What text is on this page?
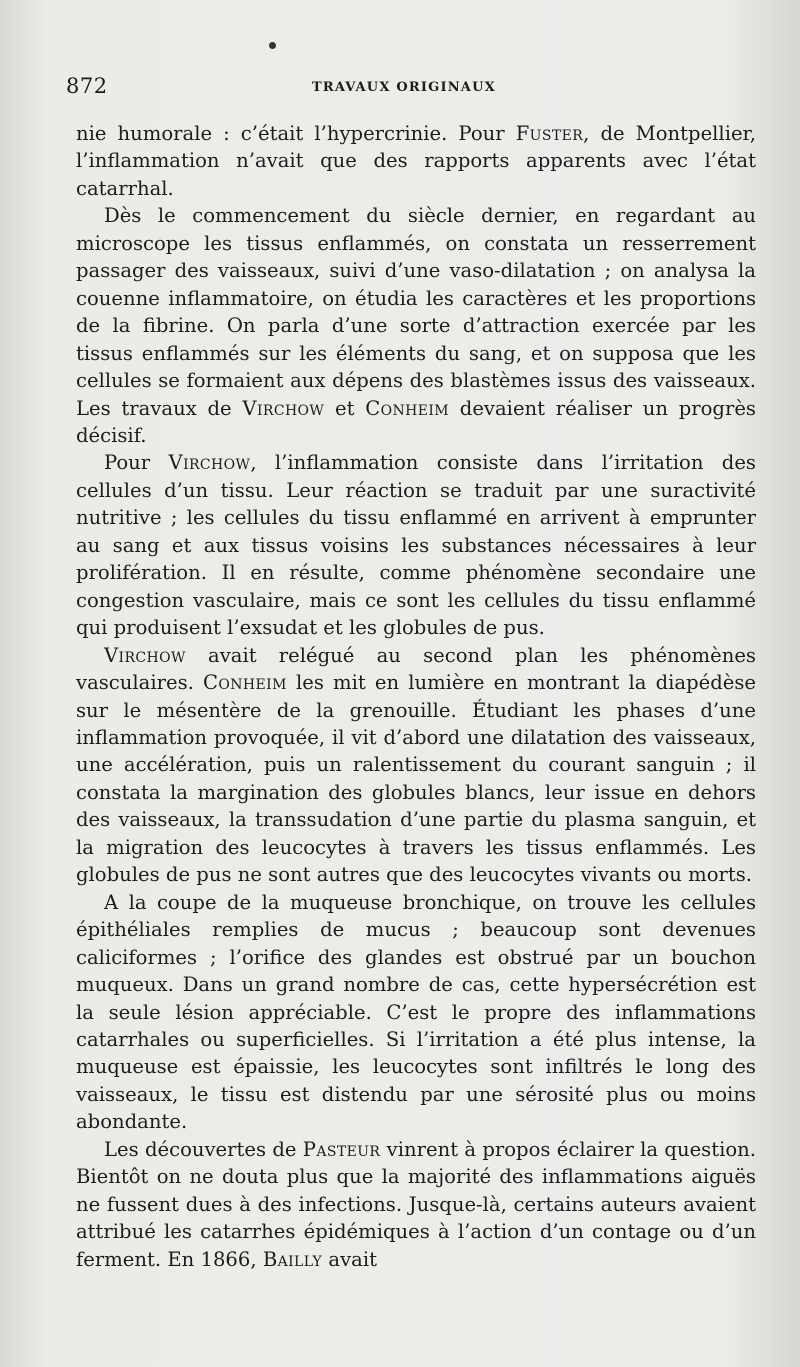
872	TRAVAUX ORIGINAUX

nie humorale : c’était l’hypercrinie. Pour Fuster, de Montpellier, l’inflammation n’avait que des rapports apparents avec l’état catarrhal.

Dès le commencement du siècle dernier, en regardant au microscope les tissus enflammés, on constata un resserrement passager des vaisseaux, suivi d’une vaso-dilatation ; on analysa la couenne inflammatoire, on étudia les caractères et les proportions de la fibrine. On parla d’une sorte d’attraction exercée par les tissus enflammés sur les éléments du sang, et on supposa que les cellules se formaient aux dépens des blastèmes issus des vaisseaux. Les travaux de Virchow et Conheim devaient réaliser un progrès décisif.

Pour Virchow, l’inflammation consiste dans l’irritation des cellules d’un tissu. Leur réaction se traduit par une suractivité nutritive ; les cellules du tissu enflammé en arrivent à emprunter au sang et aux tissus voisins les substances nécessaires à leur prolifération. Il en résulte, comme phénomène secondaire une congestion vasculaire, mais ce sont les cellules du tissu enflammé qui produisent l’exsudat et les globules de pus.

Virchow avait relégué au second plan les phénomènes vasculaires. Conheim les mit en lumière en montrant la diapédèse sur le mésentère de la grenouille. Étudiant les phases d’une inflammation provoquée, il vit d’abord une dilatation des vaisseaux, une accélération, puis un ralentissement du courant sanguin ; il constata la margination des globules blancs, leur issue en dehors des vaisseaux, la transsudation d’une partie du plasma sanguin, et la migration des leucocytes à travers les tissus enflammés. Les globules de pus ne sont autres que des leucocytes vivants ou morts.

A la coupe de la muqueuse bronchique, on trouve les cellules épithéliales remplies de mucus ; beaucoup sont devenues caliciformes ; l’orifice des glandes est obstrué par un bouchon muqueux. Dans un grand nombre de cas, cette hypersécrétion est la seule lésion appréciable. C’est le propre des inflammations catarrhales ou superficielles. Si l’irritation a été plus intense, la muqueuse est épaissie, les leucocytes sont infiltrés le long des vaisseaux, le tissu est distendu par une sérosité plus ou moins abondante.

Les découvertes de Pasteur vinrent à propos éclairer la question. Bientôt on ne douta plus que la majorité des inflammations aiguës ne fussent dues à des infections. Jusque-là, certains auteurs avaient attribué les catarrhes épidémiques à l’action d’un contage ou d’un ferment. En 1866, Bailly avait
